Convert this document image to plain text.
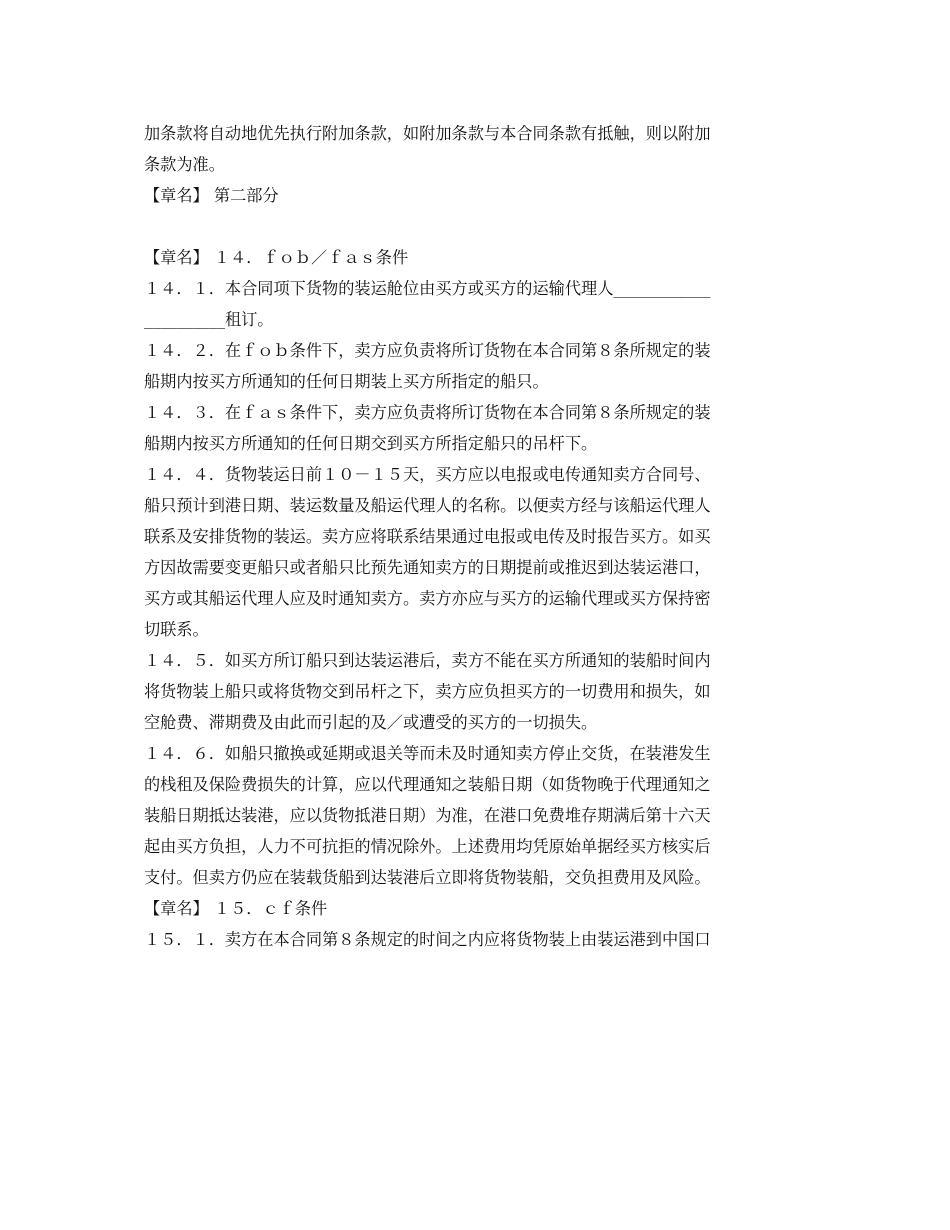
加条款将自动地优先执行附加条款，如附加条款与本合同条款有抵触，则以附加
条款为准。
【章名】 第二部分
【章名】 １４．ｆｏｂ／ｆａｓ条件
１４．１．本合同项下货物的装运舱位由买方或买方的运输代理人____________
__________租订。
１４．２．在ｆｏｂ条件下，卖方应负责将所订货物在本合同第８条所规定的装
船期内按买方所通知的任何日期装上买方所指定的船只。
１４．３．在ｆａｓ条件下，卖方应负责将所订货物在本合同第８条所规定的装
船期内按买方所通知的任何日期交到买方所指定船只的吊杆下。
１４．４．货物装运日前１０－１５天，买方应以电报或电传通知卖方合同号、
船只预计到港日期、装运数量及船运代理人的名称。以便卖方经与该船运代理人
联系及安排货物的装运。卖方应将联系结果通过电报或电传及时报告买方。如买
方因故需要变更船只或者船只比预先通知卖方的日期提前或推迟到达装运港口，
买方或其船运代理人应及时通知卖方。卖方亦应与买方的运输代理或买方保持密
切联系。
１４．５．如买方所订船只到达装运港后，卖方不能在买方所通知的装船时间内
将货物装上船只或将货物交到吊杆之下，卖方应负担买方的一切费用和损失，如
空舱费、滞期费及由此而引起的及／或遭受的买方的一切损失。
１４．６．如船只撤换或延期或退关等而未及时通知卖方停止交货，在装港发生
的栈租及保险费损失的计算，应以代理通知之装船日期（如货物晚于代理通知之
装船日期抵达装港，应以货物抵港日期）为准，在港口免费堆存期满后第十六天
起由买方负担，人力不可抗拒的情况除外。上述费用均凭原始单据经买方核实后
支付。但卖方仍应在装载货船到达装港后立即将货物装船，交负担费用及风险。
【章名】 １５．ｃｆ条件
１５．１．卖方在本合同第８条规定的时间之内应将货物装上由装运港到中国口
